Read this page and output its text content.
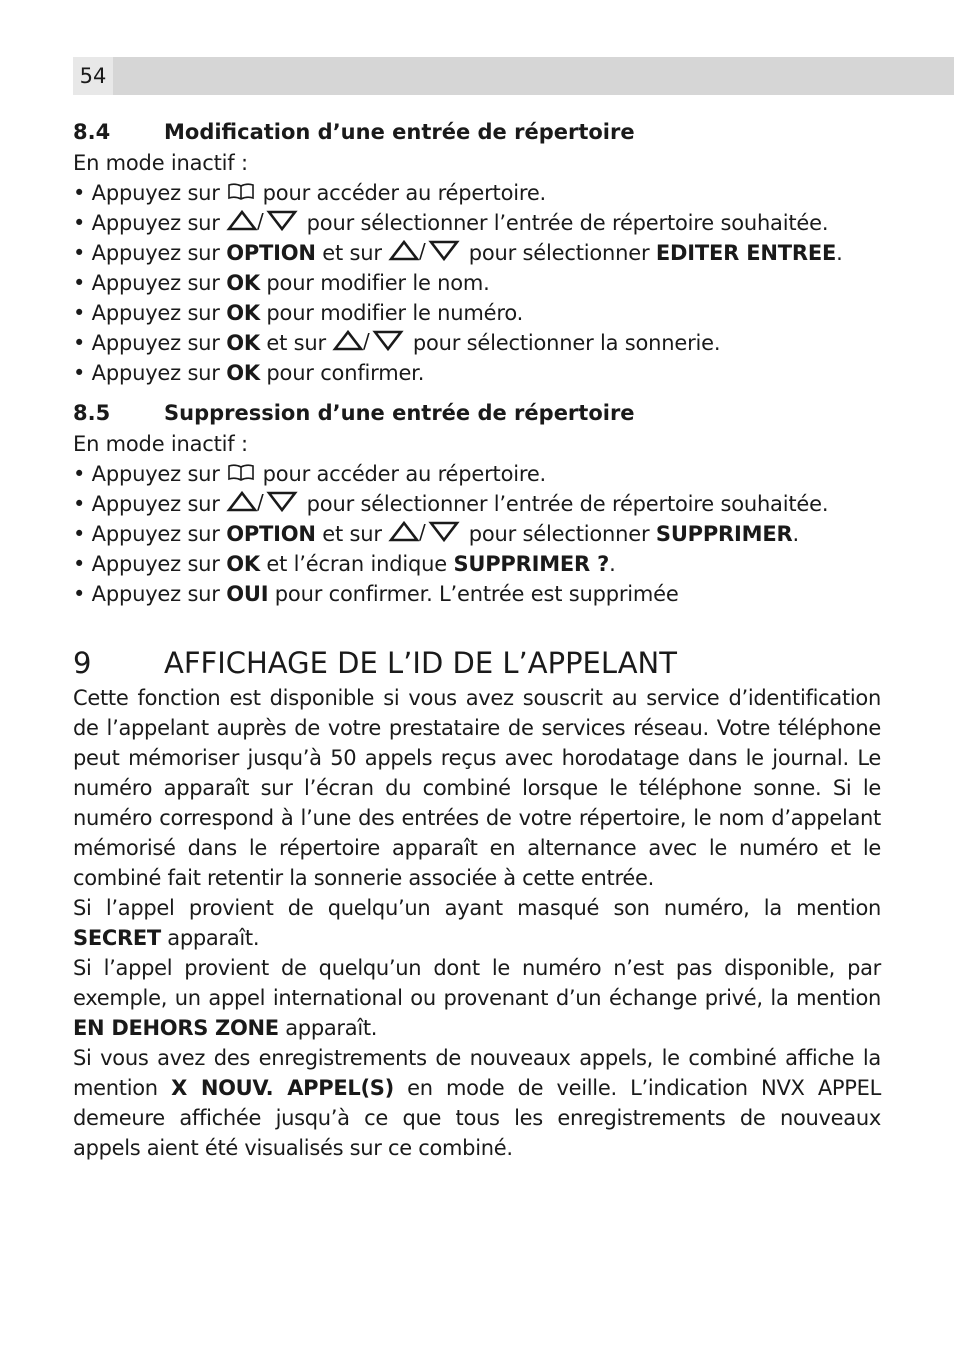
54
8.4	Modification d’une entrée de répertoire
En mode inactif :
• Appuyez sur  pour accéder au répertoire.
• Appuyez sur / pour sélectionner l’entrée de répertoire souhaitée.
• Appuyez sur OPTION et sur / pour sélectionner EDITER ENTREE.
• Appuyez sur OK pour modifier le nom.
• Appuyez sur OK pour modifier le numéro.
• Appuyez sur OK et sur / pour sélectionner la sonnerie.
• Appuyez sur OK pour confirmer.
8.5	Suppression d’une entrée de répertoire
En mode inactif :
• Appuyez sur  pour accéder au répertoire.
• Appuyez sur / pour sélectionner l’entrée de répertoire souhaitée.
• Appuyez sur OPTION et sur / pour sélectionner SUPPRIMER.
• Appuyez sur OK et l’écran indique SUPPRIMER ?.
• Appuyez sur OUI pour confirmer. L’entrée est supprimée
9	AFFICHAGE DE L’ID DE L’APPELANT
Cette fonction est disponible si vous avez souscrit au service d’identification de l’appelant auprès de votre prestataire de services réseau. Votre téléphone peut mémoriser jusqu’à 50 appels reçus avec horodatage dans le journal. Le numéro apparaît sur l’écran du combiné lorsque le téléphone sonne. Si le numéro correspond à l’une des entrées de votre répertoire, le nom d’appelant mémorisé dans le répertoire apparaît en alternance avec le numéro et le combiné fait retentir la sonnerie associée à cette entrée.
Si l’appel provient de quelqu’un ayant masqué son numéro, la mention SECRET apparaît.
Si l’appel provient de quelqu’un dont le numéro n’est pas disponible, par exemple, un appel international ou provenant d’un échange privé, la mention EN DEHORS ZONE apparaît.
Si vous avez des enregistrements de nouveaux appels, le combiné affiche la mention X NOUV. APPEL(S) en mode de veille. L’indication NVX APPEL demeure affichée jusqu’à ce que tous les enregistrements de nouveaux appels aient été visualisés sur ce combiné.
